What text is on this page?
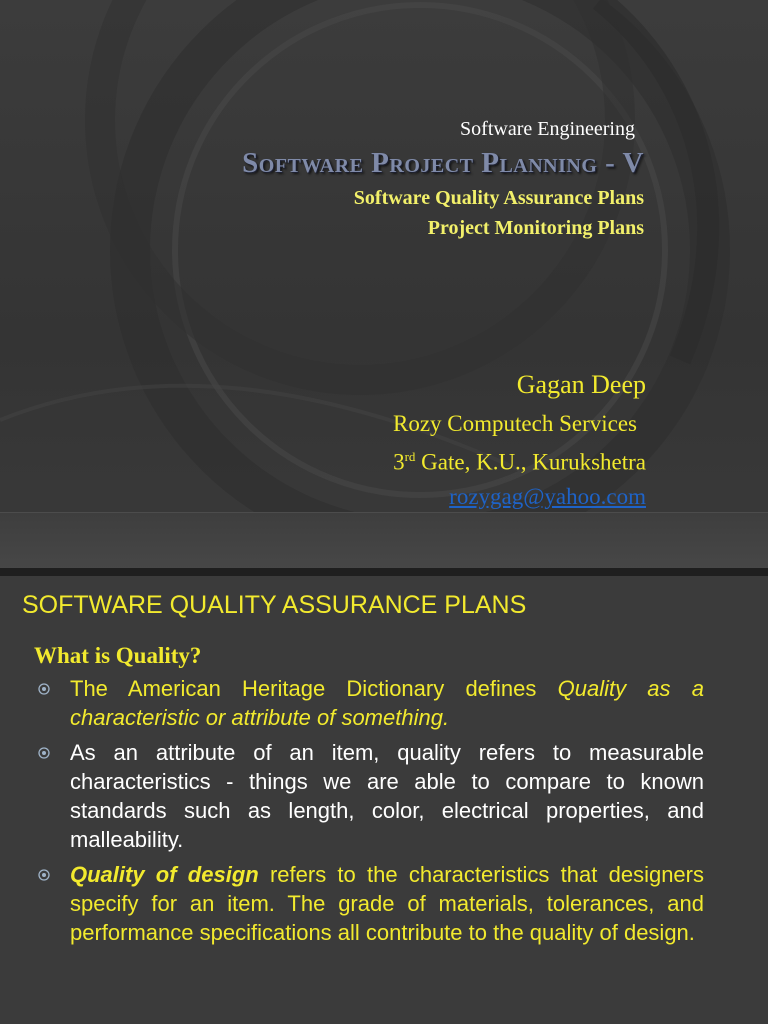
Software Engineering
Software Project Planning - V
Software Quality Assurance Plans
Project Monitoring Plans
Gagan Deep
Rozy Computech Services
3rd Gate, K.U., Kurukshetra
rozygag@yahoo.com
SOFTWARE QUALITY ASSURANCE PLANS
What is Quality?
The American Heritage Dictionary defines Quality as a characteristic or attribute of something.
As an attribute of an item, quality refers to measurable characteristics - things we are able to compare to known standards such as length, color, electrical properties, and malleability.
Quality of design refers to the characteristics that designers specify for an item. The grade of materials, tolerances, and performance specifications all contribute to the quality of design.
